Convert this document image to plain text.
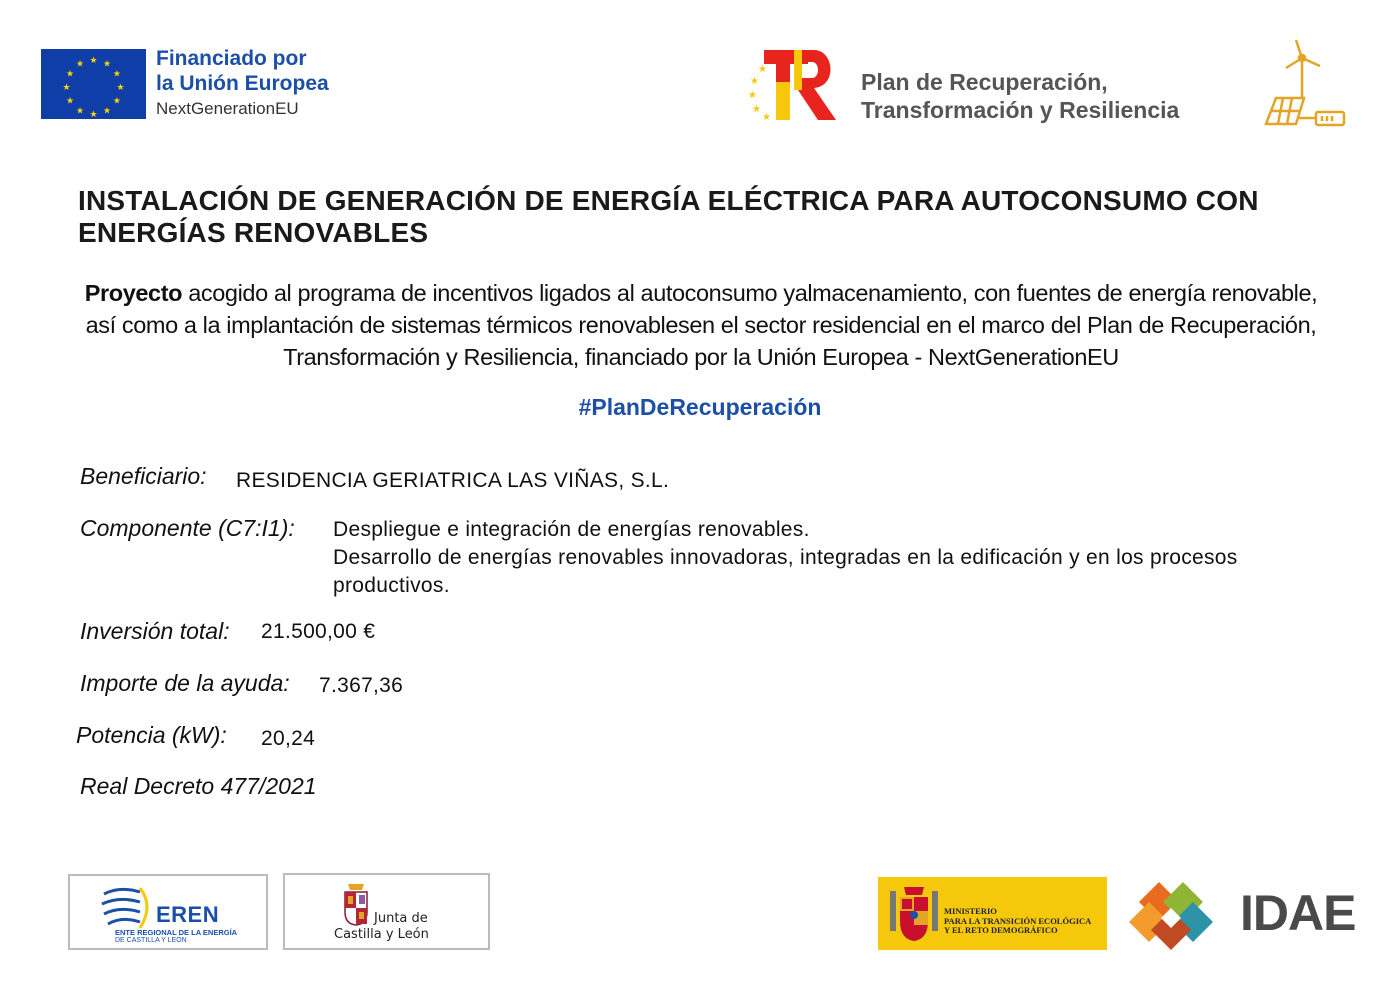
★ ★
★
★
★
★
★
★
★
★
★
★	Financiado por
la Unión Europea
NextGenerationEU
★
★
★
★
★
Plan de Recuperación,
Transformación y Resiliencia
INSTALACIÓN DE GENERACIÓN DE ENERGÍA ELÉCTRICA PARA AUTOCONSUMO CON ENERGÍAS RENOVABLES
Proyecto acogido al programa de incentivos ligados al autoconsumo yalmacenamiento, con fuentes de energía renovable, así como a la implantación de sistemas térmicos renovablesen el sector residencial en el marco del Plan de Recuperación, Transformación y Resiliencia, financiado por la Unión Europea - NextGenerationEU
#PlanDeRecuperación
Beneficiario: RESIDENCIA GERIATRICA LAS VIÑAS, S.L.
Componente (C7:I1): Despliegue e integración de energías renovables.
Desarrollo de energías renovables innovadoras, integradas en la edificación y en los procesos productivos.
Inversión total: 21.500,00 €
Importe de la ayuda: 7.367,36
Potencia (kW): 20,24
Real Decreto 477/2021
EREN
ENTE REGIONAL DE LA ENERGÍA
DE CASTILLA Y LEÓN
Junta de
Castilla y León
MINISTERIO
PARA LA TRANSICIÓN ECOLÓGICA
Y EL RETO DEMOGRÁFICO	IDAE
